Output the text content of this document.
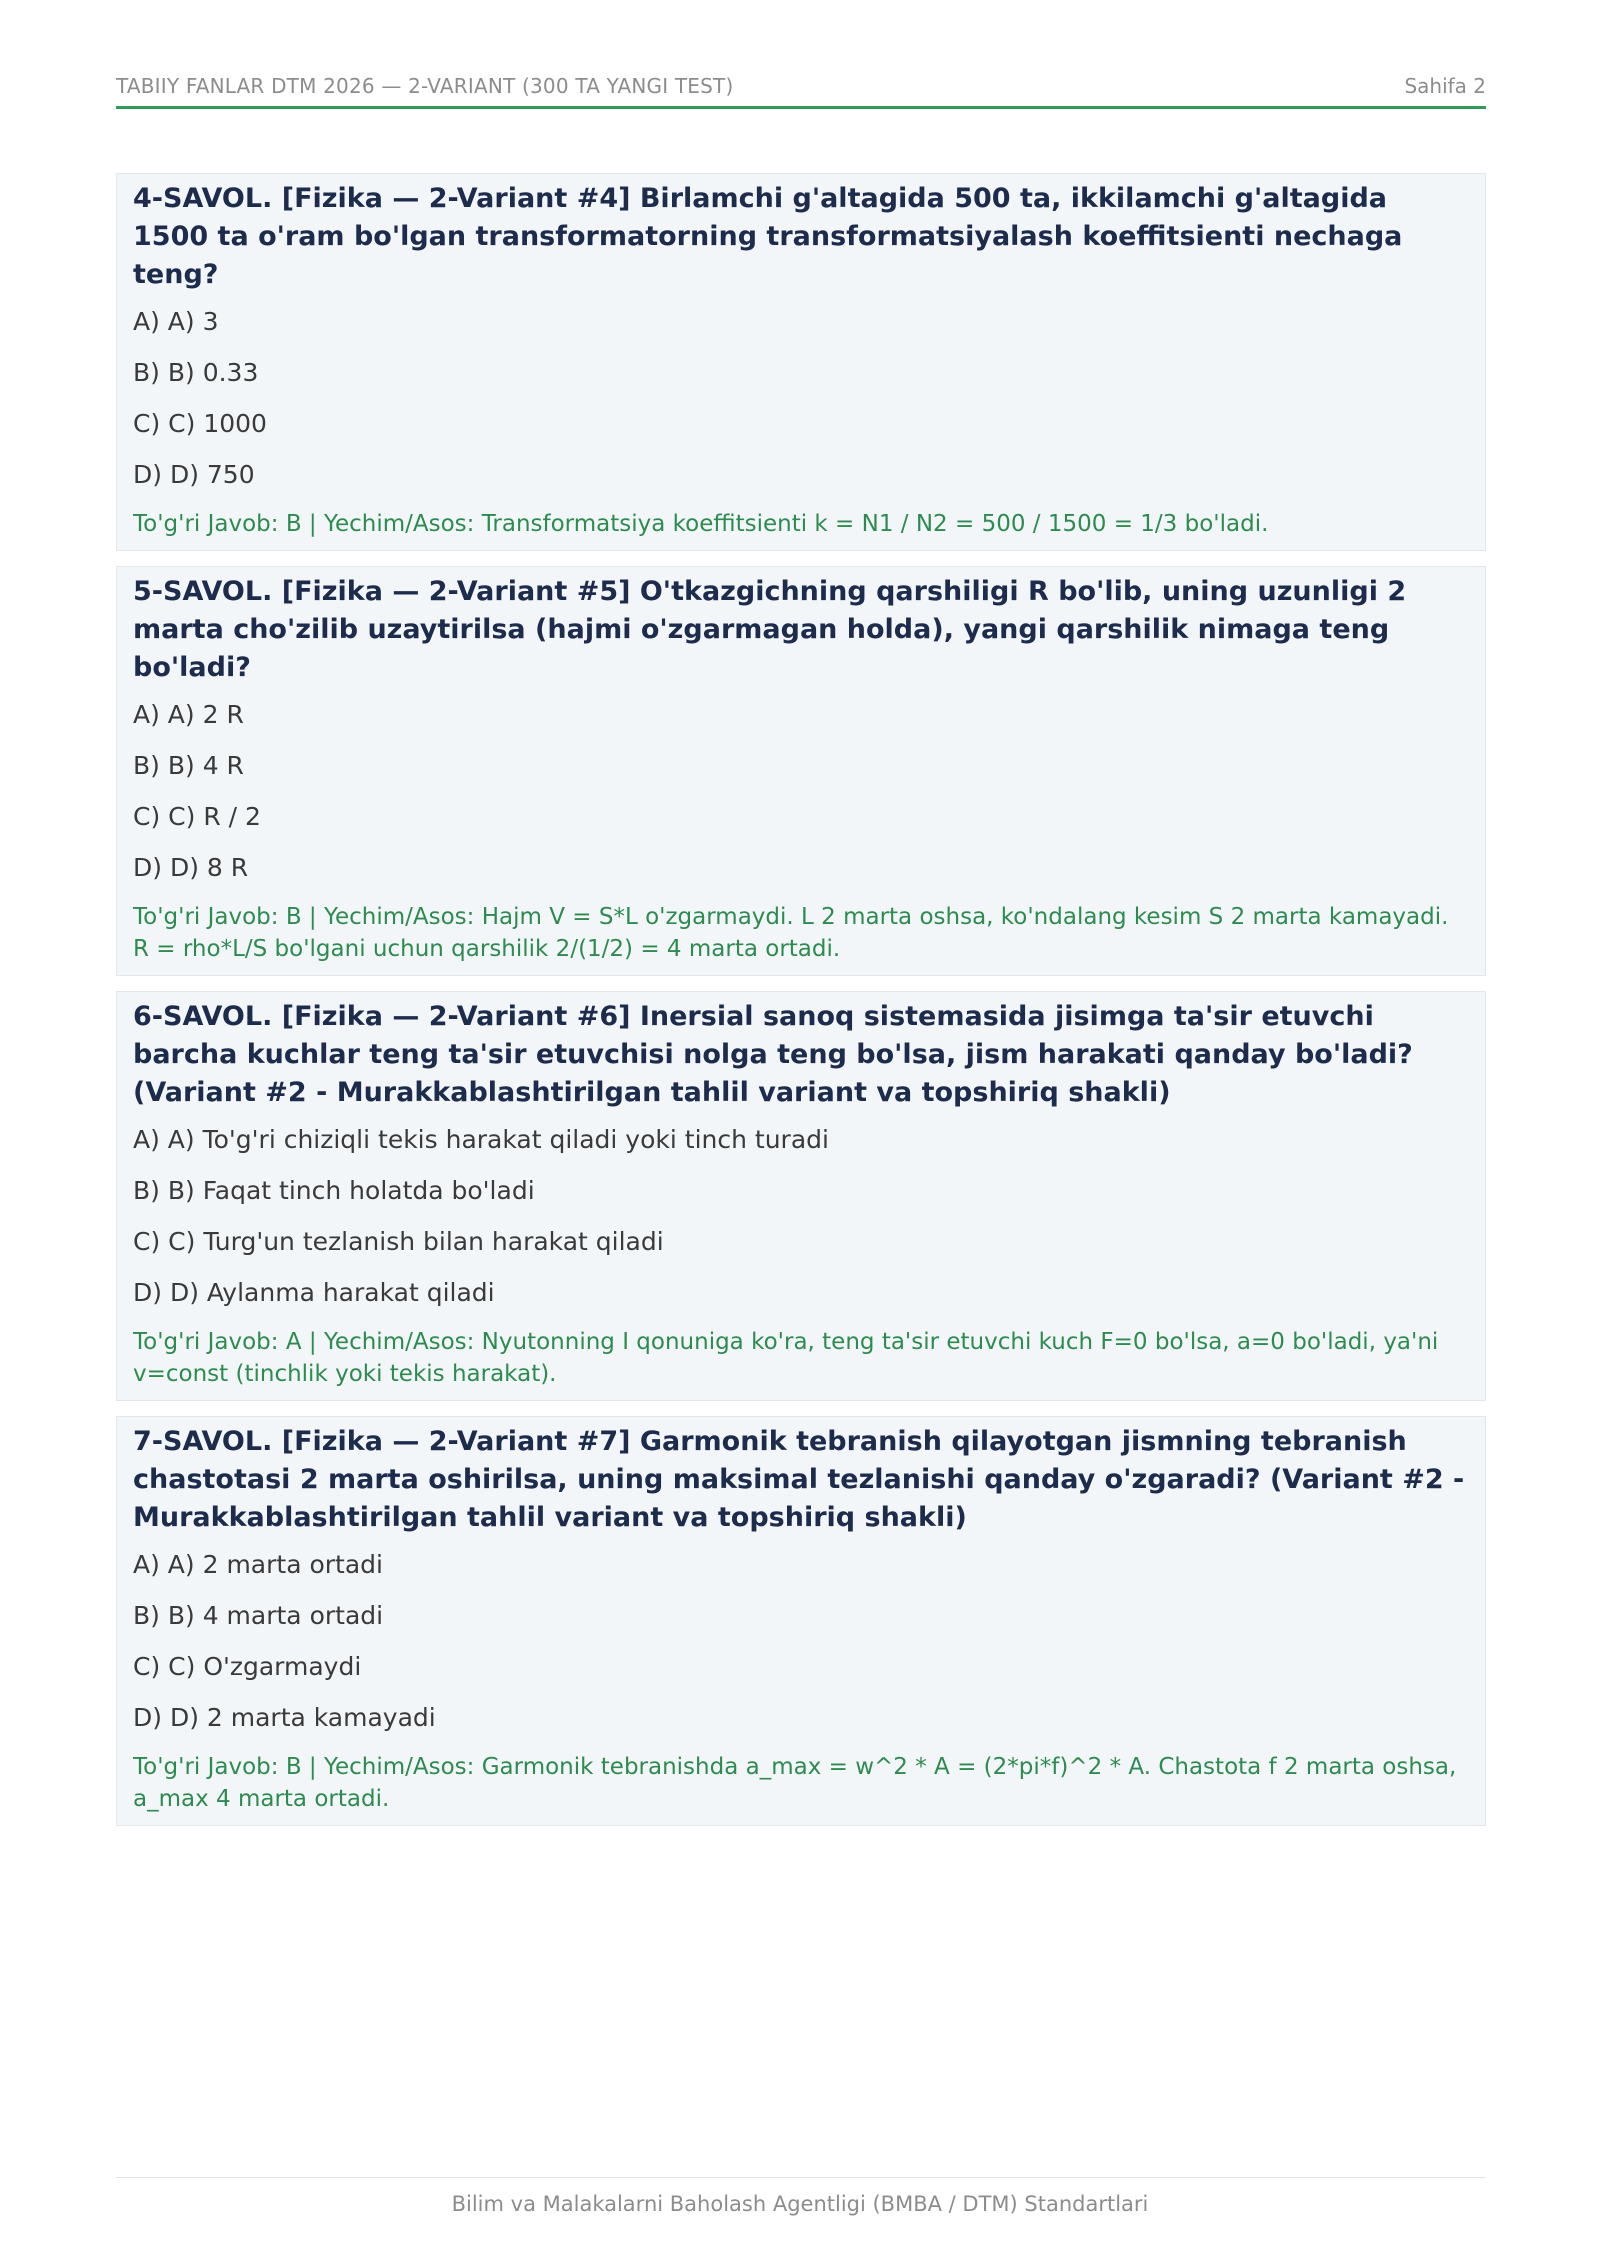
TABIIY FANLAR DTM 2026 — 2-VARIANT (300 TA YANGI TEST)	Sahifa 2
4-SAVOL. [Fizika — 2-Variant #4] Birlamchi g'altagida 500 ta, ikkilamchi g'altagida 1500 ta o'ram bo'lgan transformatorning transformatsiyalash koeffitsienti nechaga teng?
A) A) 3
B) B) 0.33
C) C) 1000
D) D) 750
To'g'ri Javob: B | Yechim/Asos: Transformatsiya koeffitsienti k = N1 / N2 = 500 / 1500 = 1/3 bo'ladi.
5-SAVOL. [Fizika — 2-Variant #5] O'tkazgichning qarshiligi R bo'lib, uning uzunligi 2 marta cho'zilib uzaytirilsa (hajmi o'zgarmagan holda), yangi qarshilik nimaga teng bo'ladi?
A) A) 2 R
B) B) 4 R
C) C) R / 2
D) D) 8 R
To'g'ri Javob: B | Yechim/Asos: Hajm V = S*L o'zgarmaydi. L 2 marta oshsa, ko'ndalang kesim S 2 marta kamayadi. R = rho*L/S bo'lgani uchun qarshilik 2/(1/2) = 4 marta ortadi.
6-SAVOL. [Fizika — 2-Variant #6] Inersial sanoq sistemasida jisimga ta'sir etuvchi barcha kuchlar teng ta'sir etuvchisi nolga teng bo'lsa, jism harakati qanday bo'ladi? (Variant #2 - Murakkablashtirilgan tahlil variant va topshiriq shakli)
A) A) To'g'ri chiziqli tekis harakat qiladi yoki tinch turadi
B) B) Faqat tinch holatda bo'ladi
C) C) Turg'un tezlanish bilan harakat qiladi
D) D) Aylanma harakat qiladi
To'g'ri Javob: A | Yechim/Asos: Nyutonning I qonuniga ko'ra, teng ta'sir etuvchi kuch F=0 bo'lsa, a=0 bo'ladi, ya'ni v=const (tinchlik yoki tekis harakat).
7-SAVOL. [Fizika — 2-Variant #7] Garmonik tebranish qilayotgan jismning tebranish chastotasi 2 marta oshirilsa, uning maksimal tezlanishi qanday o'zgaradi? (Variant #2 - Murakkablashtirilgan tahlil variant va topshiriq shakli)
A) A) 2 marta ortadi
B) B) 4 marta ortadi
C) C) O'zgarmaydi
D) D) 2 marta kamayadi
To'g'ri Javob: B | Yechim/Asos: Garmonik tebranishda a_max = w^2 * A = (2*pi*f)^2 * A. Chastota f 2 marta oshsa, a_max 4 marta ortadi.
Bilim va Malakalarni Baholash Agentligi (BMBA / DTM) Standartlari
